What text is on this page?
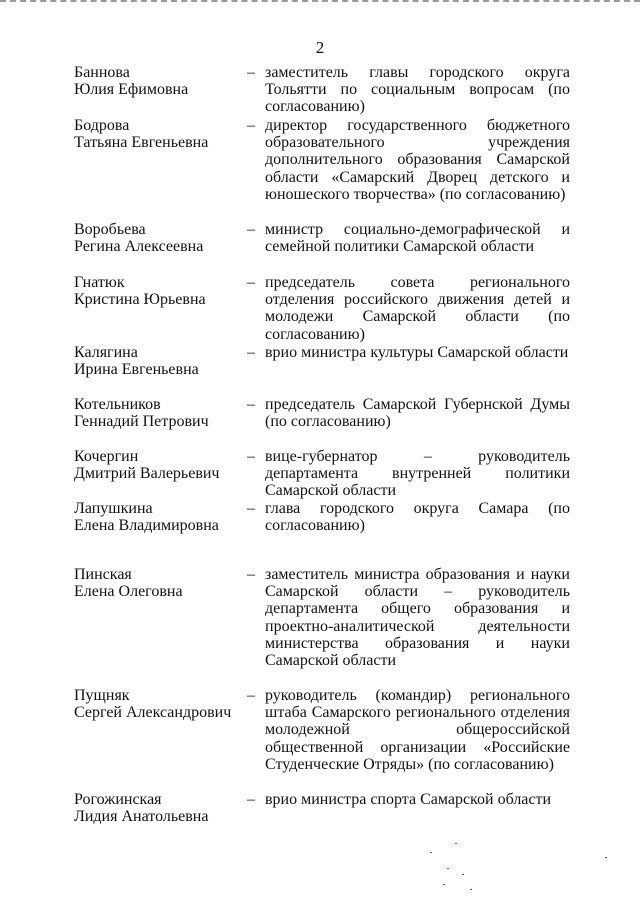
2
Баннова
Юлия Ефимовна
– заместитель главы городского округа Тольятти по социальным вопросам (по согласованию)
Бодрова
Татьяна Евгеньевна
– директор государственного бюджетного образовательного учреждения дополнительного образования Самарской области «Самарский Дворец детского и юношеского творчества» (по согласованию)
Воробьева
Регина Алексеевна
– министр социально-демографической и семейной политики Самарской области
Гнатюк
Кристина Юрьевна
– председатель совета регионального отделения российского движения детей и молодежи Самарской области (по согласованию)
Калягина
Ирина Евгеньевна
– врио министра культуры Самарской области
Котельников
Геннадий Петрович
– председатель Самарской Губернской Думы (по согласованию)
Кочергин
Дмитрий Валерьевич
– вице-губернатор – руководитель департамента внутренней политики Самарской области
Лапушкина
Елена Владимировна
– глава городского округа Самара (по согласованию)
Пинская
Елена Олеговна
– заместитель министра образования и науки Самарской области – руководитель департамента общего образования и проектно-аналитической деятельности министерства образования и науки Самарской области
Пущняк
Сергей Александрович
– руководитель (командир) регионального штаба Самарского регионального отделения молодежной общероссийской общественной организации «Российские Студенческие Отряды» (по согласованию)
Рогожинская
Лидия Анатольевна
– врио министра спорта Самарской области
